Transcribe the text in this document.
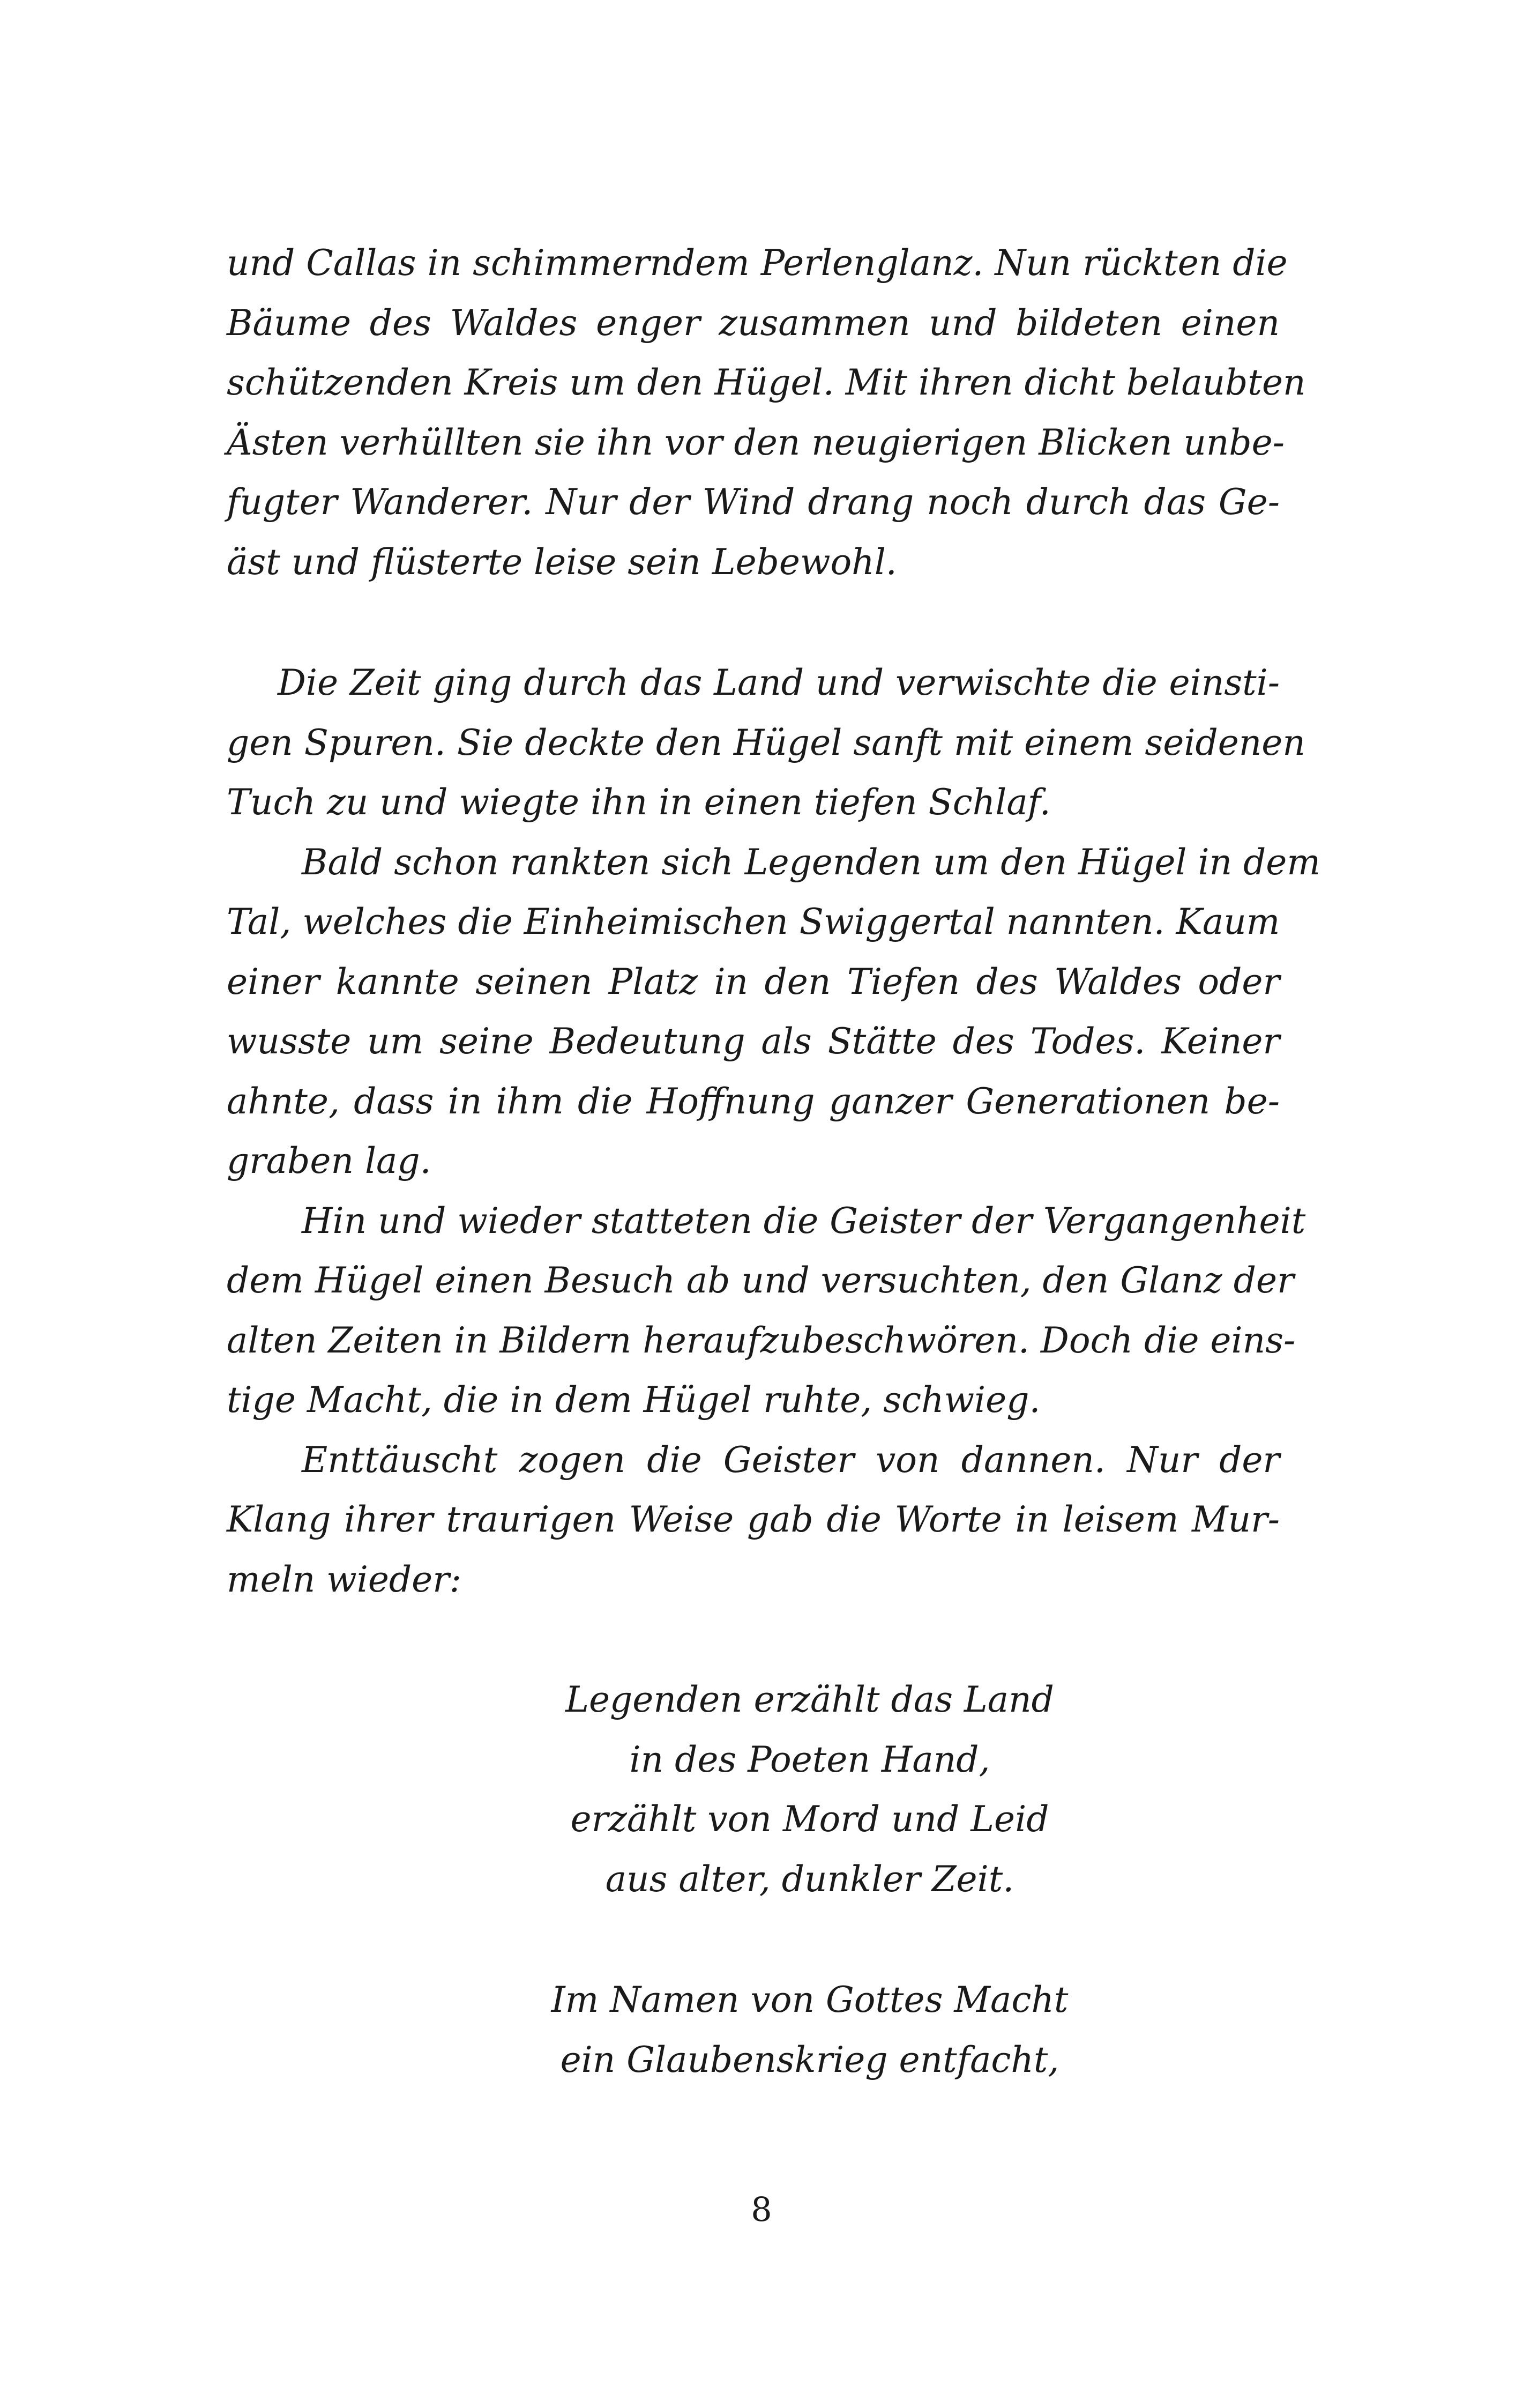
und Callas in schimmerndem Perlenglanz. Nun rückten die
Bäume des Waldes enger zusammen und bildeten einen
schützenden Kreis um den Hügel. Mit ihren dicht belaubten
Ästen verhüllten sie ihn vor den neugierigen Blicken unbe-
fugter Wanderer. Nur der Wind drang noch durch das Ge-
äst und flüsterte leise sein Lebewohl.
Die Zeit ging durch das Land und verwischte die einsti-
gen Spuren. Sie deckte den Hügel sanft mit einem seidenen
Tuch zu und wiegte ihn in einen tiefen Schlaf.
Bald schon rankten sich Legenden um den Hügel in dem
Tal, welches die Einheimischen Swiggertal nannten. Kaum
einer kannte seinen Platz in den Tiefen des Waldes oder
wusste um seine Bedeutung als Stätte des Todes. Keiner
ahnte, dass in ihm die Hoffnung ganzer Generationen be-
graben lag.
Hin und wieder statteten die Geister der Vergangenheit
dem Hügel einen Besuch ab und versuchten, den Glanz der
alten Zeiten in Bildern heraufzubeschwören. Doch die eins-
tige Macht, die in dem Hügel ruhte, schwieg.
Enttäuscht zogen die Geister von dannen. Nur der
Klang ihrer traurigen Weise gab die Worte in leisem Mur-
meln wieder:
Legenden erzählt das Land
in des Poeten Hand,
erzählt von Mord und Leid
aus alter, dunkler Zeit.
Im Namen von Gottes Macht
ein Glaubenskrieg entfacht,
8
